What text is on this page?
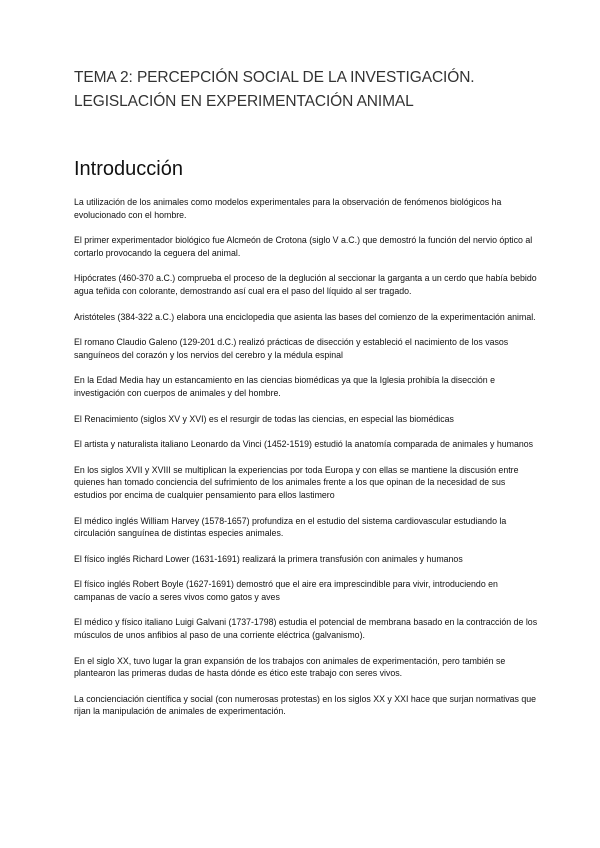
TEMA 2: PERCEPCIÓN SOCIAL DE LA INVESTIGACIÓN.
LEGISLACIÓN EN EXPERIMENTACIÓN ANIMAL
Introducción

La utilización de los animales como modelos experimentales para la observación de fenómenos biológicos ha evolucionado con el hombre.

El primer experimentador biológico fue Alcmeón de Crotona (siglo V a.C.) que demostró la función del nervio óptico al cortarlo provocando la ceguera del animal.

Hipócrates (460-370 a.C.) comprueba el proceso de la deglución al seccionar la garganta a un cerdo que había bebido agua teñida con colorante, demostrando así cual era el paso del líquido al ser tragado.

Aristóteles (384-322 a.C.) elabora una enciclopedia que asienta las bases del comienzo de la experimentación animal.

El romano Claudio Galeno (129-201 d.C.) realizó prácticas de disección y estableció el nacimiento de los vasos sanguíneos del corazón y los nervios del cerebro y la médula espinal

En la Edad Media hay un estancamiento en las ciencias biomédicas ya que la Iglesia prohibía la disección e investigación con cuerpos de animales y del hombre.

El Renacimiento (siglos XV y XVI) es el resurgir de todas las ciencias, en especial las biomédicas

El artista y naturalista italiano Leonardo da Vinci (1452-1519) estudió la anatomía comparada de animales y humanos

En los siglos XVII y XVIII se multiplican la experiencias por toda Europa y con ellas se mantiene la discusión entre quienes han tomado conciencia del sufrimiento de los animales frente a los que opinan de la necesidad de sus estudios por encima de cualquier pensamiento para ellos lastimero

El médico inglés William Harvey (1578-1657) profundiza en el estudio del sistema cardiovascular estudiando la circulación sanguínea de distintas especies animales.

El físico inglés Richard Lower (1631-1691) realizará la primera transfusión con animales y humanos

El físico inglés Robert Boyle (1627-1691) demostró que el aire era imprescindible para vivir, introduciendo en campanas de vacío a seres vivos como gatos y aves

El médico y físico italiano Luigi Galvani (1737-1798) estudia el potencial de membrana basado en la contracción de los músculos de unos anfibios al paso de una corriente eléctrica (galvanismo).

En el siglo XX, tuvo lugar la gran expansión de los trabajos con animales de experimentación, pero también se plantearon las primeras dudas de hasta dónde es ético este trabajo con seres vivos.

La concienciación científica y social (con numerosas protestas) en los siglos XX y XXI hace que surjan normativas que rijan la manipulación de animales de experimentación.
